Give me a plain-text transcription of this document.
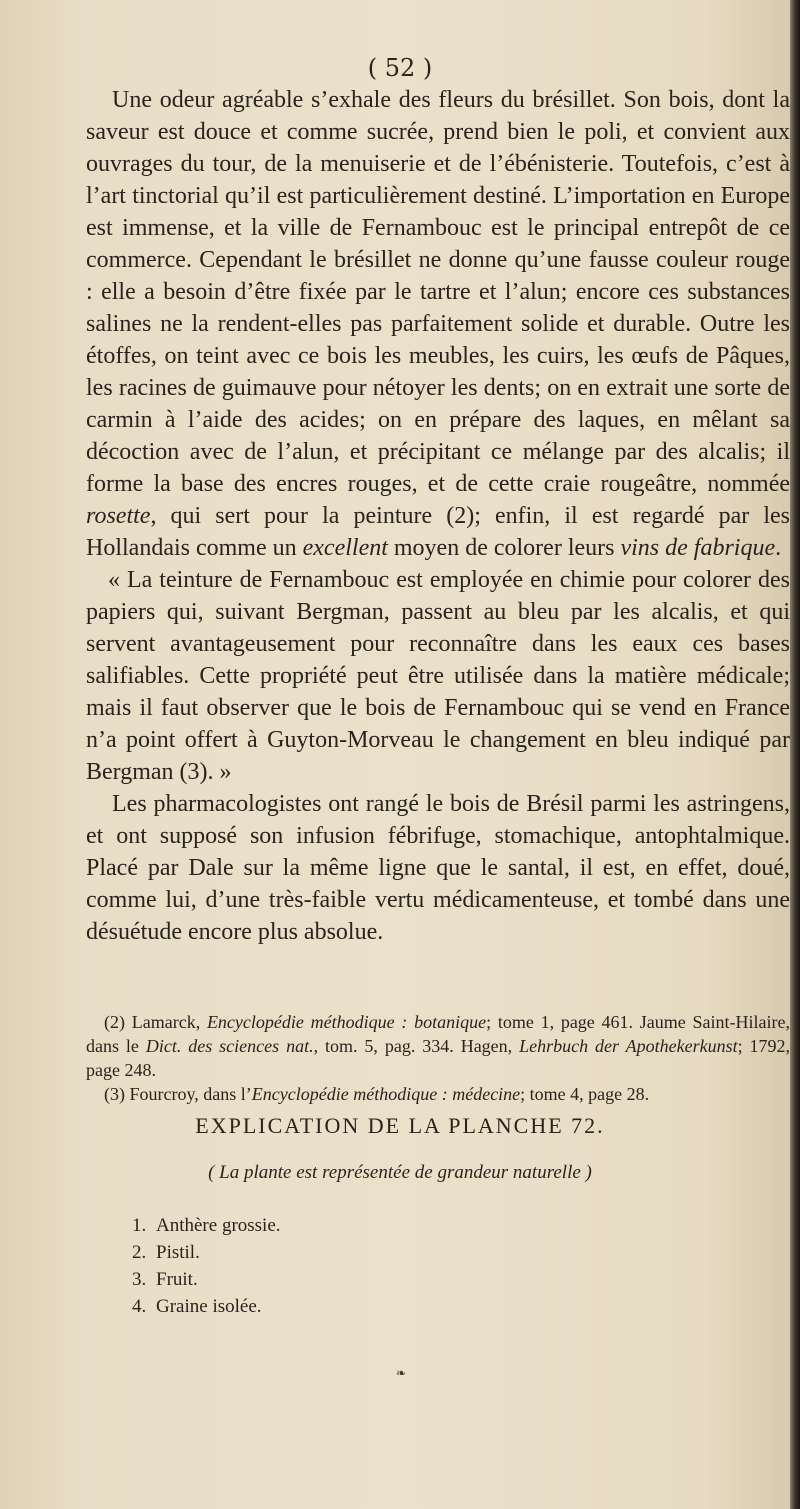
( 52 )

Une odeur agréable s’exhale des fleurs du brésillet. Son bois, dont la saveur est douce et comme sucrée, prend bien le poli, et convient aux ouvrages du tour, de la menuiserie et de l’ébénisterie. Toutefois, c’est à l’art tinctorial qu’il est particulièrement destiné. L’importation en Europe est immense, et la ville de Fernambouc est le principal entrepôt de ce commerce. Cependant le brésillet ne donne qu’une fausse couleur rouge : elle a besoin d’être fixée par le tartre et l’alun; encore ces substances salines ne la rendent-elles pas parfaitement solide et durable. Outre les étoffes, on teint avec ce bois les meubles, les cuirs, les œufs de Pâques, les racines de guimauve pour nétoyer les dents; on en extrait une sorte de carmin à l’aide des acides; on en prépare des laques, en mêlant sa décoction avec de l’alun, et précipitant ce mélange par des alcalis; il forme la base des encres rouges, et de cette craie rougeâtre, nommée rosette, qui sert pour la peinture (2); enfin, il est regardé par les Hollandais comme un excellent moyen de colorer leurs vins de fabrique.

« La teinture de Fernambouc est employée en chimie pour colorer des papiers qui, suivant Bergman, passent au bleu par les alcalis, et qui servent avantageusement pour reconnaître dans les eaux ces bases salifiables. Cette propriété peut être utilisée dans la matière médicale; mais il faut observer que le bois de Fernambouc qui se vend en France n’a point offert à Guyton-Morveau le changement en bleu indiqué par Bergman (3). »

Les pharmacologistes ont rangé le bois de Brésil parmi les astringens, et ont supposé son infusion fébrifuge, stomachique, antophtalmique. Placé par Dale sur la même ligne que le santal, il est, en effet, doué, comme lui, d’une très-faible vertu médicamenteuse, et tombé dans une désuétude encore plus absolue.

(2) Lamarck, Encyclopédie méthodique : botanique; tome 1, page 461. Jaume Saint-Hilaire, dans le Dict. des sciences nat., tom. 5, pag. 334. Hagen, Lehrbuch der Apothekerkunst; 1792, page 248.

(3) Fourcroy, dans l’Encyclopédie méthodique : médecine; tome 4, page 28.

EXPLICATION DE LA PLANCHE 72.
( La plante est représentée de grandeur naturelle )
1. Anthère grossie.
2. Pistil.
3. Fruit.
4. Graine isolée.
❧
